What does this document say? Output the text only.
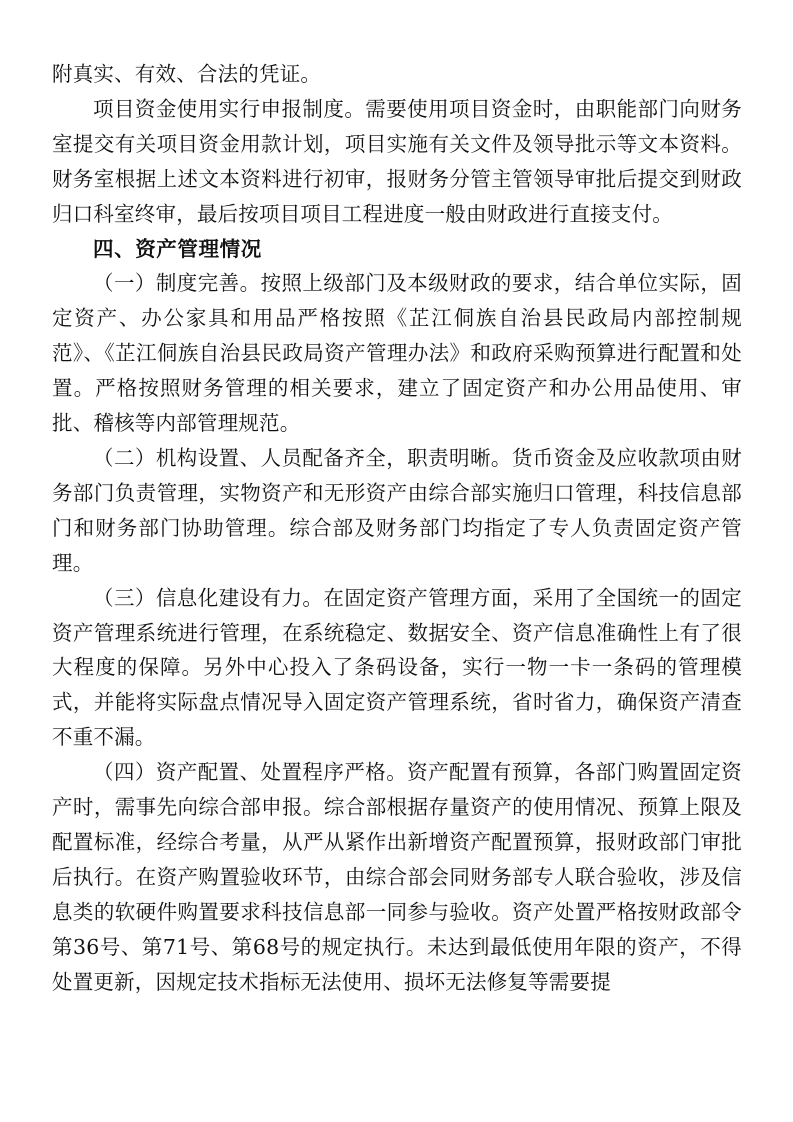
附真实、有效、合法的凭证。

项目资金使用实行申报制度。需要使用项目资金时，由职能部门向财务室提交有关项目资金用款计划，项目实施有关文件及领导批示等文本资料。财务室根据上述文本资料进行初审，报财务分管主管领导审批后提交到财政归口科室终审，最后按项目项目工程进度一般由财政进行直接支付。

四、资产管理情况

（一）制度完善。按照上级部门及本级财政的要求，结合单位实际，固定资产、办公家具和用品严格按照《芷江侗族自治县民政局内部控制规范》、《芷江侗族自治县民政局资产管理办法》和政府采购预算进行配置和处置。严格按照财务管理的相关要求，建立了固定资产和办公用品使用、审批、稽核等内部管理规范。

（二）机构设置、人员配备齐全，职责明晰。货币资金及应收款项由财务部门负责管理，实物资产和无形资产由综合部实施归口管理，科技信息部门和财务部门协助管理。综合部及财务部门均指定了专人负责固定资产管理。

（三）信息化建设有力。在固定资产管理方面，采用了全国统一的固定资产管理系统进行管理，在系统稳定、数据安全、资产信息准确性上有了很大程度的保障。另外中心投入了条码设备，实行一物一卡一条码的管理模式，并能将实际盘点情况导入固定资产管理系统，省时省力，确保资产清查不重不漏。

（四）资产配置、处置程序严格。资产配置有预算，各部门购置固定资产时，需事先向综合部申报。综合部根据存量资产的使用情况、预算上限及配置标准，经综合考量，从严从紧作出新增资产配置预算，报财政部门审批后执行。在资产购置验收环节，由综合部会同财务部专人联合验收，涉及信息类的软硬件购置要求科技信息部一同参与验收。资产处置严格按财政部令第36号、第71号、第68号的规定执行。未达到最低使用年限的资产，不得处置更新，因规定技术指标无法使用、损坏无法修复等需要提
